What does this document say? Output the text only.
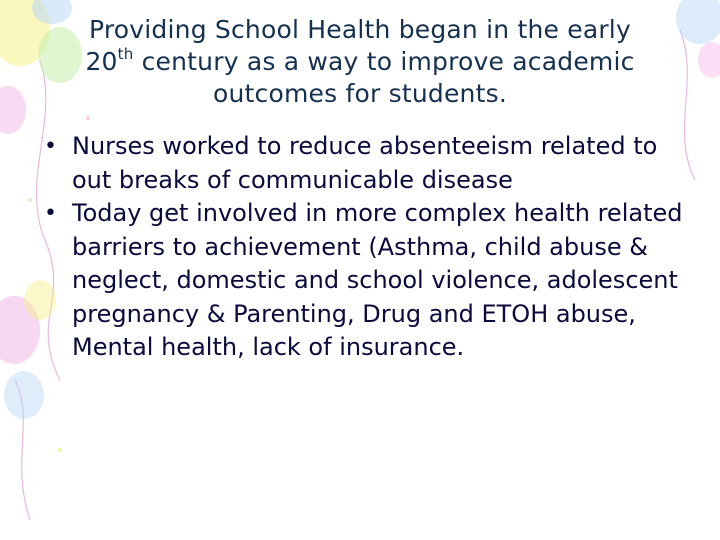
Providing School Health began in the early
20th century as a way to improve academic
outcomes for students.
• Nurses worked to reduce absenteeism related to out breaks of communicable disease
• Today get involved in more complex health related barriers to achievement (Asthma, child abuse & neglect, domestic and school violence, adolescent pregnancy & Parenting, Drug and ETOH abuse, Mental health, lack of insurance.
